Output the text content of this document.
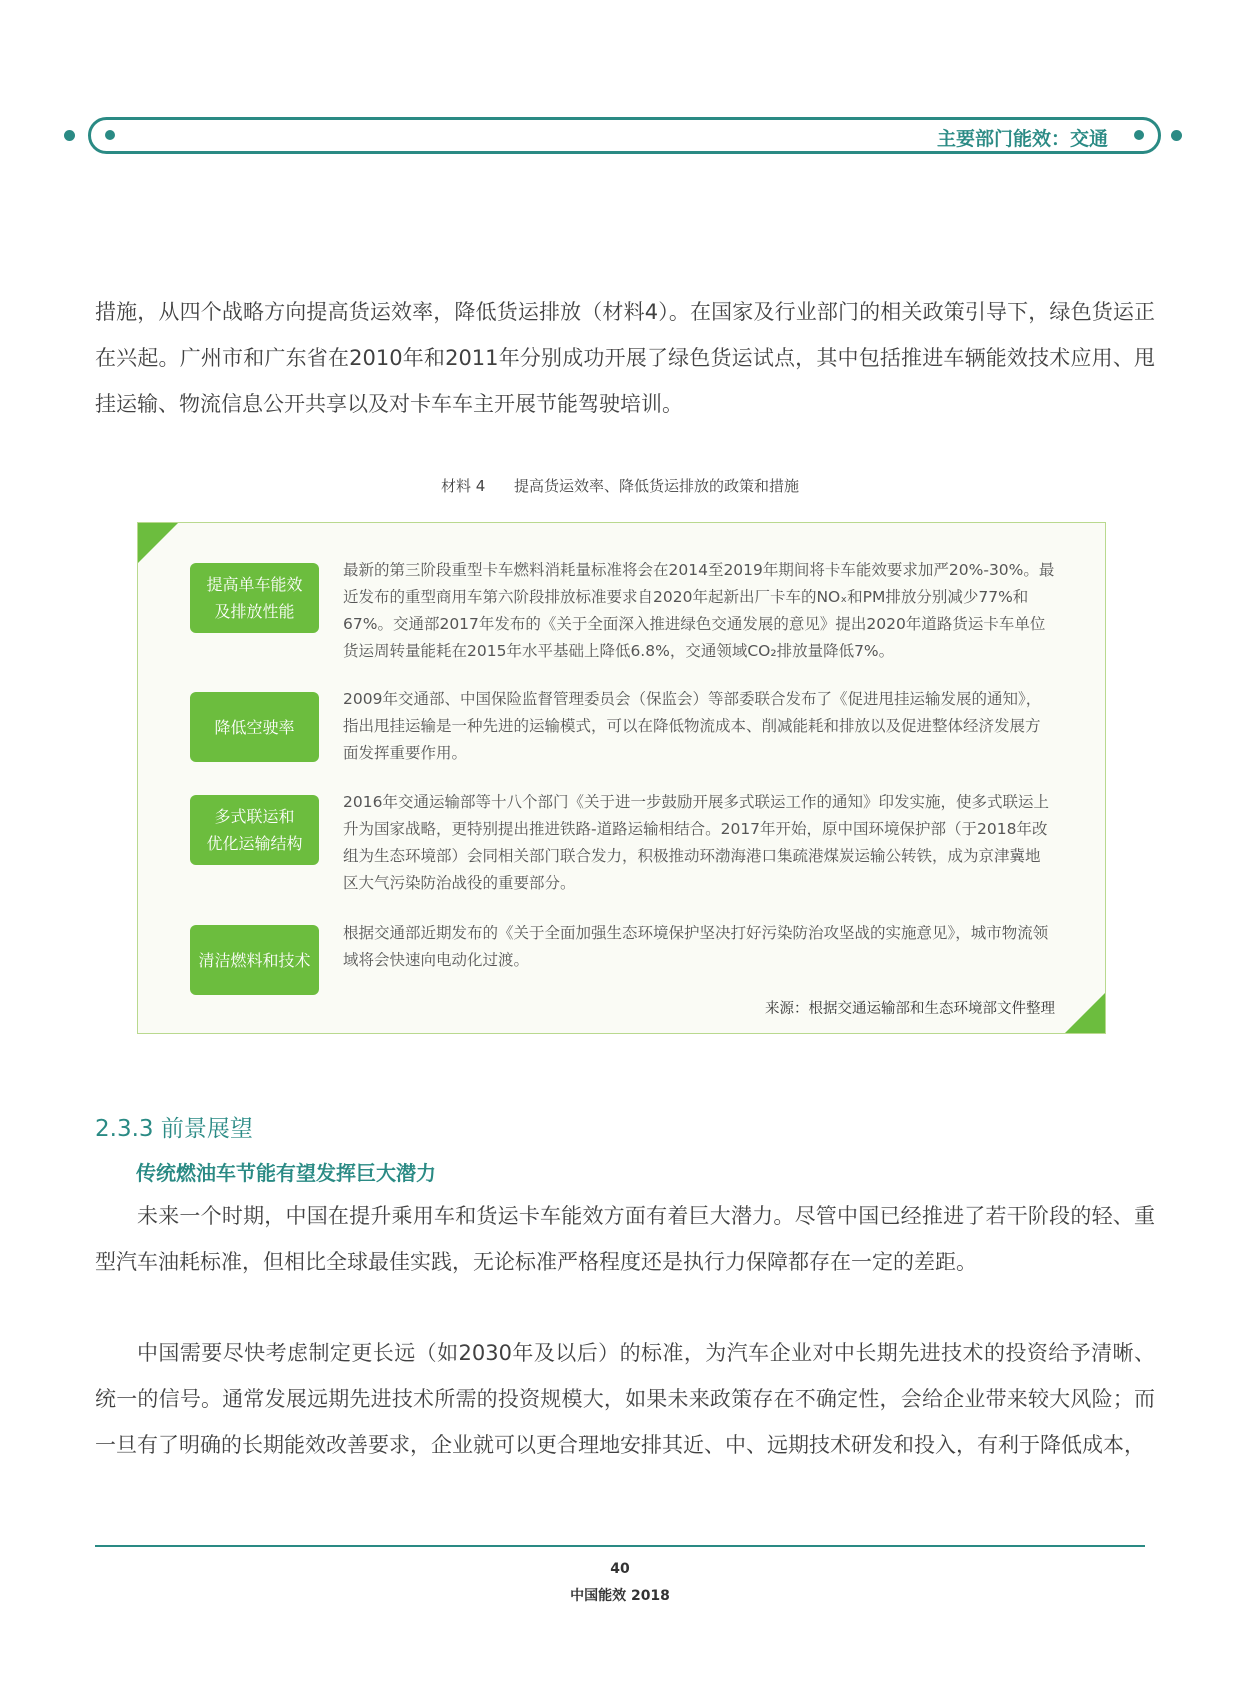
主要部门能效：交通

措施，从四个战略方向提高货运效率，降低货运排放（材料4）。在国家及行业部门的相关政策引导下，绿色货运正在兴起。广州市和广东省在2010年和2011年分别成功开展了绿色货运试点，其中包括推进车辆能效技术应用、甩挂运输、物流信息公开共享以及对卡车车主开展节能驾驶培训。

材料 4      提高货运效率、降低货运排放的政策和措施
提高单车能效
及排放性能

最新的第三阶段重型卡车燃料消耗量标准将会在2014至2019年期间将卡车能效要求加严20%-30%。最近发布的重型商用车第六阶段排放标准要求自2020年起新出厂卡车的NOₓ和PM排放分别减少77%和67%。交通部2017年发布的《关于全面深入推进绿色交通发展的意见》提出2020年道路货运卡车单位货运周转量能耗在2015年水平基础上降低6.8%，交通领域CO₂排放量降低7%。

降低空驶率

2009年交通部、中国保险监督管理委员会（保监会）等部委联合发布了《促进甩挂运输发展的通知》，指出甩挂运输是一种先进的运输模式，可以在降低物流成本、削减能耗和排放以及促进整体经济发展方面发挥重要作用。

多式联运和
优化运输结构

2016年交通运输部等十八个部门《关于进一步鼓励开展多式联运工作的通知》印发实施，使多式联运上升为国家战略，更特别提出推进铁路-道路运输相结合。2017年开始，原中国环境保护部（于2018年改组为生态环境部）会同相关部门联合发力，积极推动环渤海港口集疏港煤炭运输公转铁，成为京津冀地区大气污染防治战役的重要部分。

清洁燃料和技术

根据交通部近期发布的《关于全面加强生态环境保护坚决打好污染防治攻坚战的实施意见》，城市物流领域将会快速向电动化过渡。

来源：根据交通运输部和生态环境部文件整理
2.3.3 前景展望
传统燃油车节能有望发挥巨大潜力

未来一个时期，中国在提升乘用车和货运卡车能效方面有着巨大潜力。尽管中国已经推进了若干阶段的轻、重型汽车油耗标准，但相比全球最佳实践，无论标准严格程度还是执行力保障都存在一定的差距。

中国需要尽快考虑制定更长远（如2030年及以后）的标准，为汽车企业对中长期先进技术的投资给予清晰、统一的信号。通常发展远期先进技术所需的投资规模大，如果未来政策存在不确定性，会给企业带来较大风险；而一旦有了明确的长期能效改善要求，企业就可以更合理地安排其近、中、远期技术研发和投入，有利于降低成本，

40
中国能效 2018
